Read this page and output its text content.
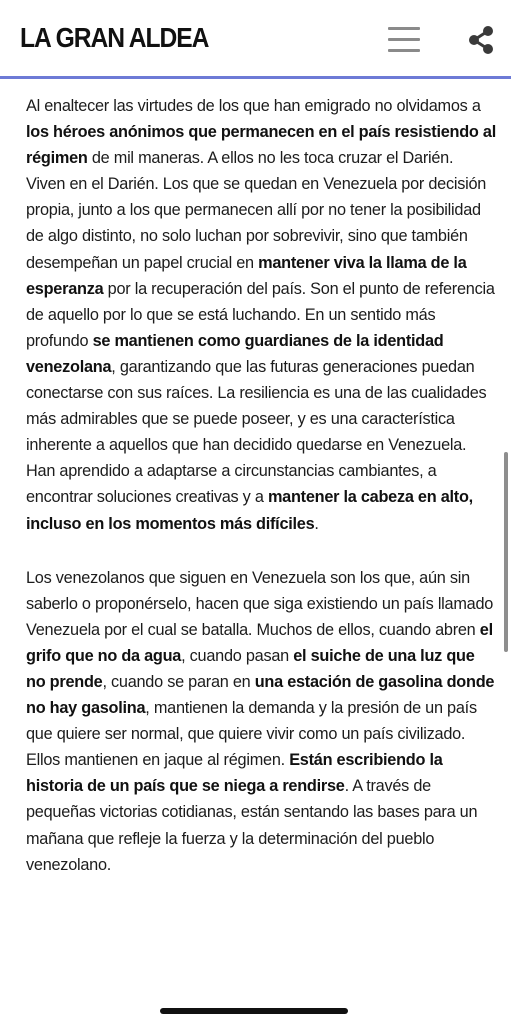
LA GRAN ALDEA

Al enaltecer las virtudes de los que han emigrado no olvidamos a los héroes anónimos que permanecen en el país resistiendo al régimen de mil maneras. A ellos no les toca cruzar el Darién. Viven en el Darién. Los que se quedan en Venezuela por decisión propia, junto a los que permanecen allí por no tener la posibilidad de algo distinto, no solo luchan por sobrevivir, sino que también desempeñan un papel crucial en mantener viva la llama de la esperanza por la recuperación del país. Son el punto de referencia de aquello por lo que se está luchando. En un sentido más profundo se mantienen como guardianes de la identidad venezolana, garantizando que las futuras generaciones puedan conectarse con sus raíces. La resiliencia es una de las cualidades más admirables que se puede poseer, y es una característica inherente a aquellos que han decidido quedarse en Venezuela. Han aprendido a adaptarse a circunstancias cambiantes, a encontrar soluciones creativas y a mantener la cabeza en alto, incluso en los momentos más difíciles.

Los venezolanos que siguen en Venezuela son los que, aún sin saberlo o proponérselo, hacen que siga existiendo un país llamado Venezuela por el cual se batalla. Muchos de ellos, cuando abren el grifo que no da agua, cuando pasan el suiche de una luz que no prende, cuando se paran en una estación de gasolina donde no hay gasolina, mantienen la demanda y la presión de un país que quiere ser normal, que quiere vivir como un país civilizado. Ellos mantienen en jaque al régimen. Están escribiendo la historia de un país que se niega a rendirse. A través de pequeñas victorias cotidianas, están sentando las bases para un mañana que refleje la fuerza y la determinación del pueblo venezolano.
